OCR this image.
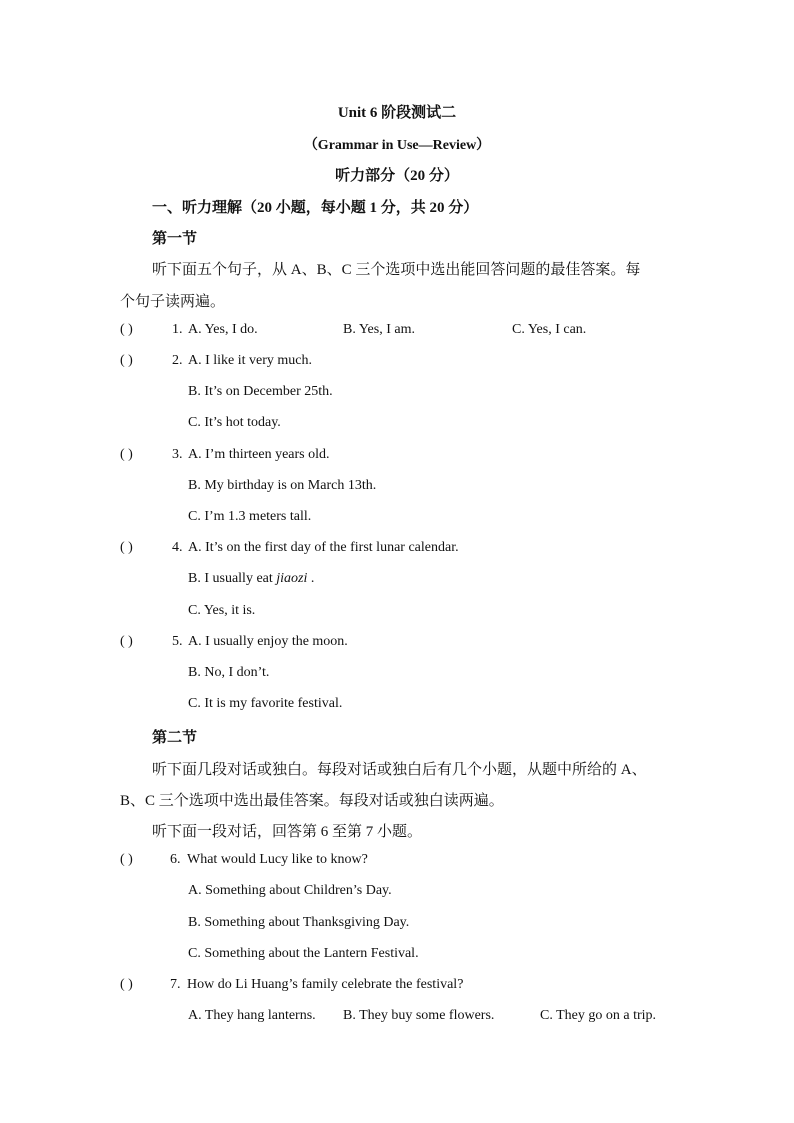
Unit 6 阶段测试二
（Grammar in Use—Review）
听力部分（20 分）
一、听力理解（20 小题，每小题 1 分，共 20 分）
第一节
听下面五个句子，从 A、B、C 三个选项中选出能回答问题的最佳答案。每
个句子读两遍。
( )	1. A. Yes, I do.	B. Yes, I am.	C. Yes, I can.
( )	2. A. I like it very much.
B. It’s on December 25th.
C. It’s hot today.
( )	3. A. I’m thirteen years old.
B. My birthday is on March 13th.
C. I’m 1.3 meters tall.
( )	4. A. It’s on the first day of the first lunar calendar.
B. I usually eat jiaozi .
C. Yes, it is.
( )	5. A. I usually enjoy the moon.
B. No, I don’t.
C. It is my favorite festival.
第二节
听下面几段对话或独白。每段对话或独白后有几个小题，从题中所给的 A、
B、C 三个选项中选出最佳答案。每段对话或独白读两遍。
听下面一段对话，回答第 6 至第 7 小题。
( )	6. What would Lucy like to know?
A. Something about Children’s Day.
B. Something about Thanksgiving Day.
C. Something about the Lantern Festival.
( )	7. How do Li Huang’s family celebrate the festival?
A. They hang lanterns. B. They buy some flowers.	C. They go on a trip.
